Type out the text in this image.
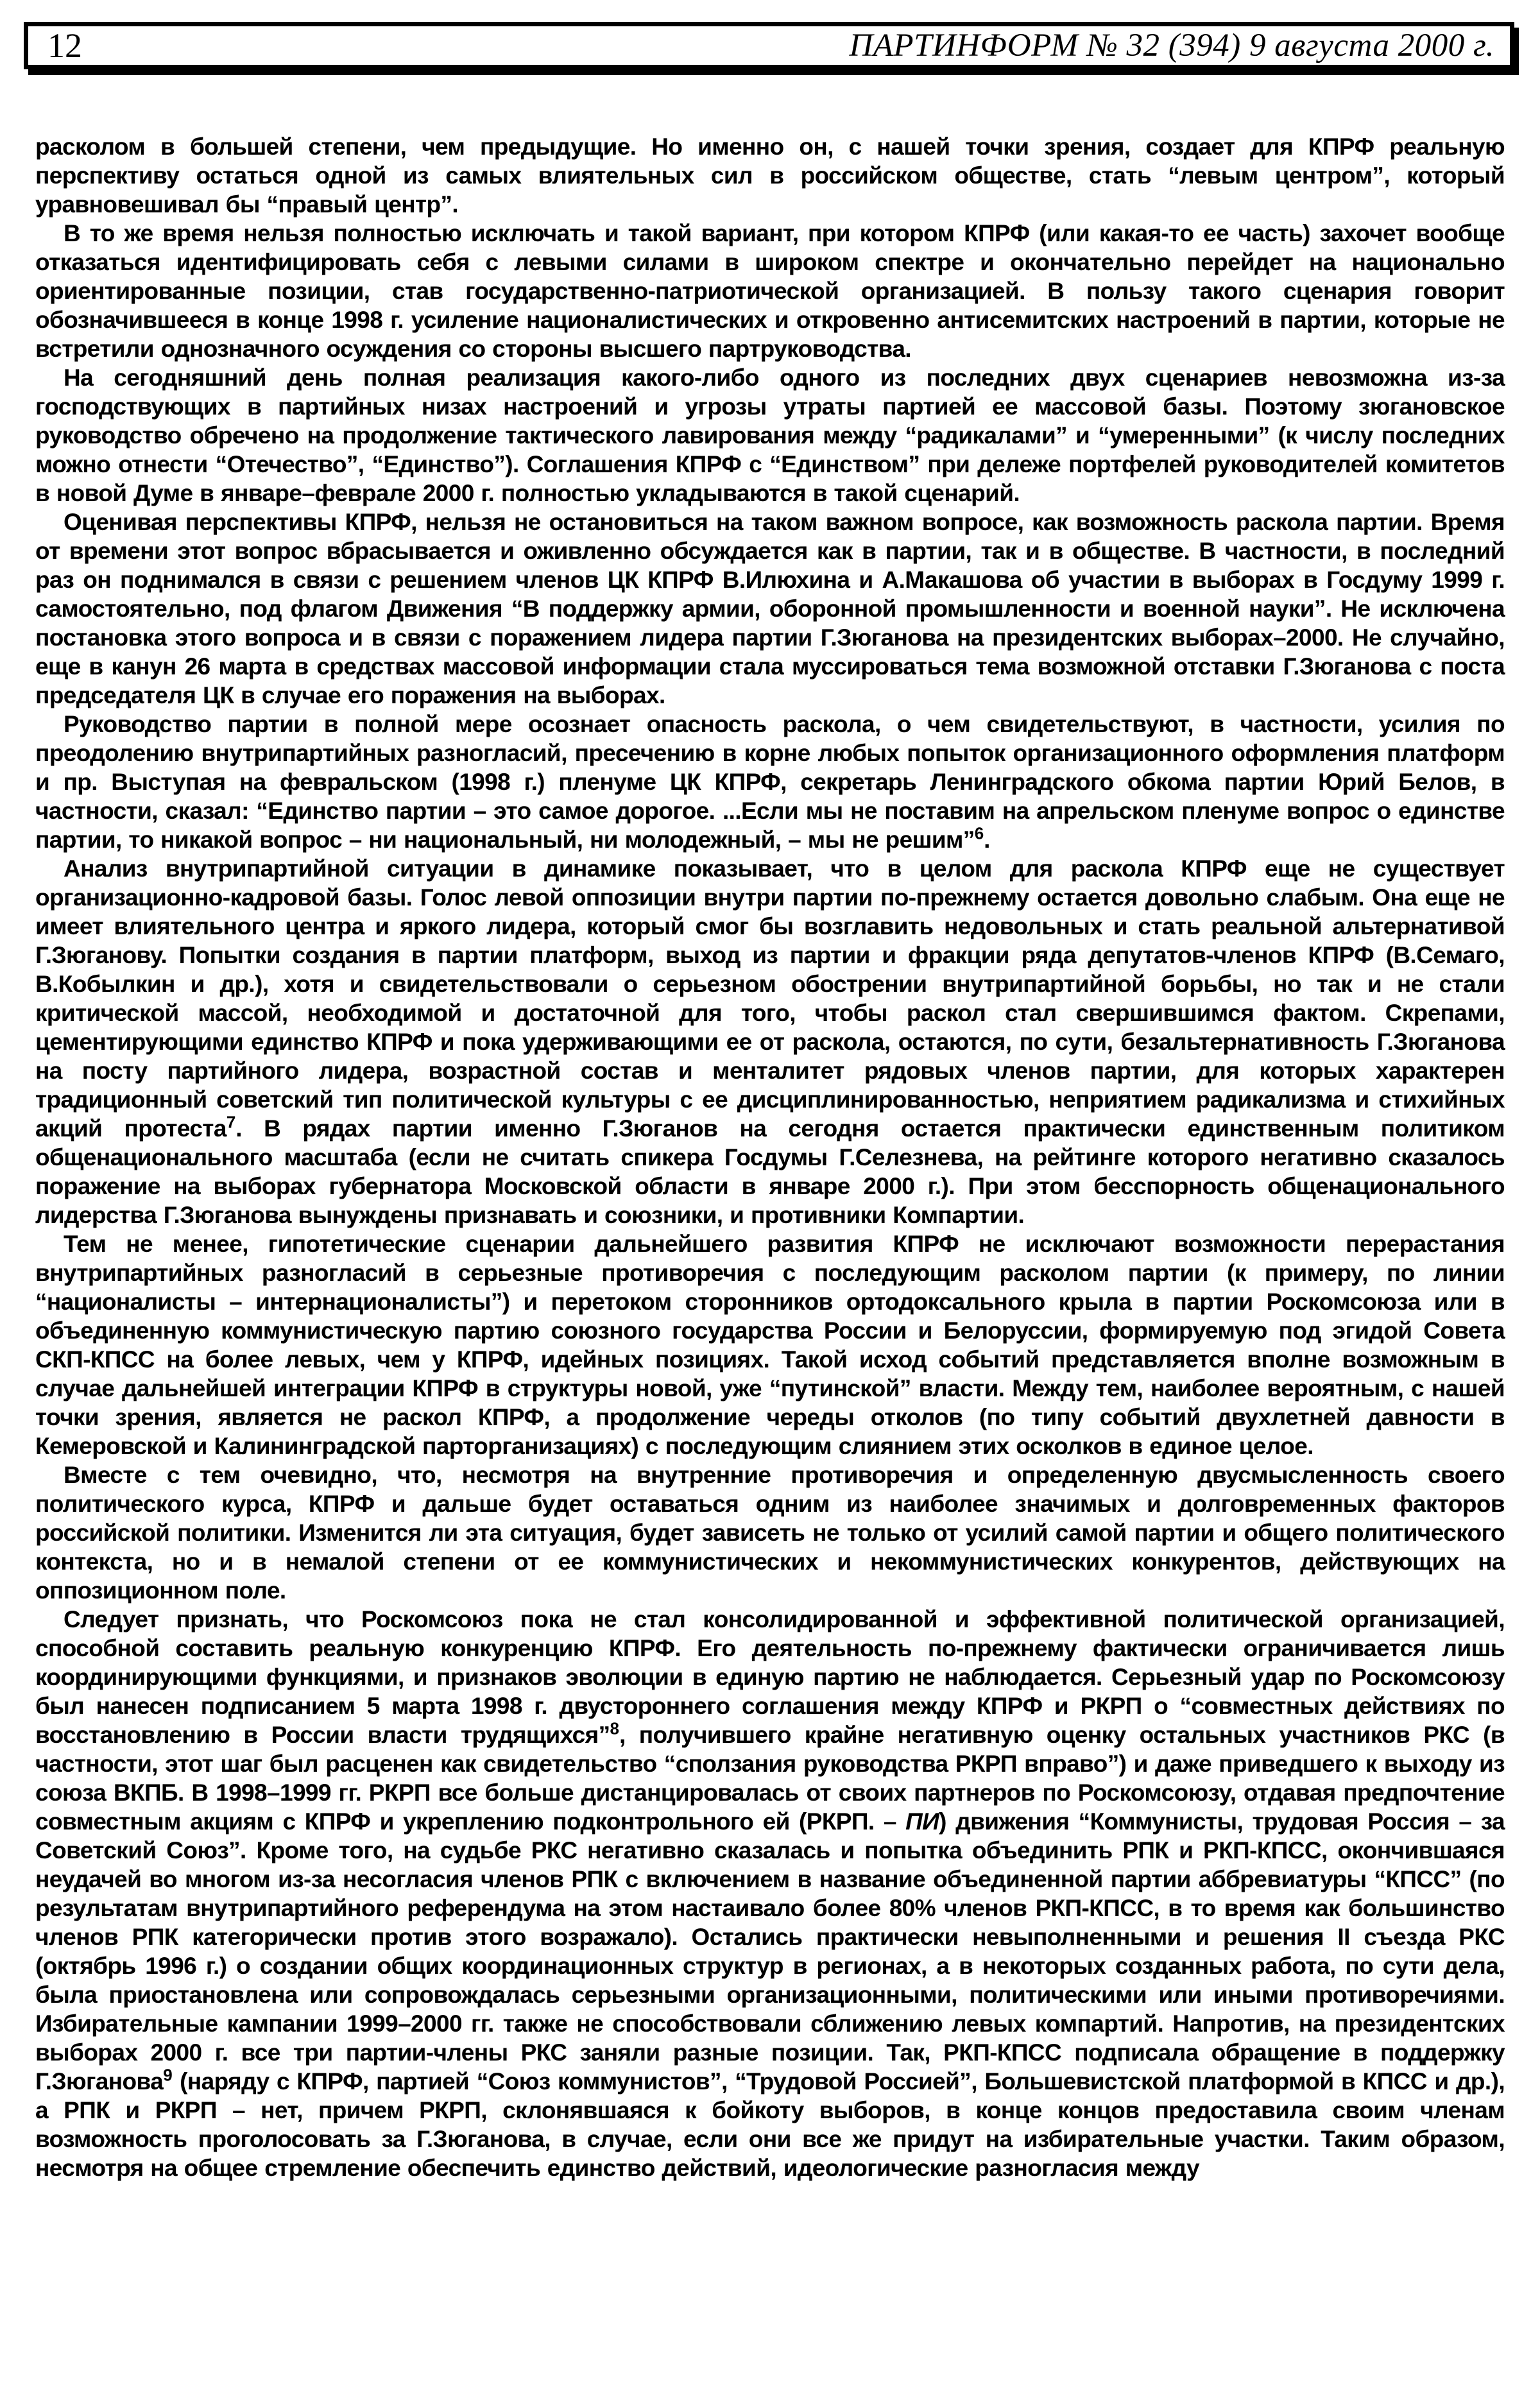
12	ПАРТИНФОРМ № 32 (394) 9 августа 2000 г.

расколом в большей степени, чем предыдущие. Но именно он, с нашей точки зрения, создает для КПРФ реальную перспективу остаться одной из самых влиятельных сил в российском обществе, стать “левым центром”, который уравновешивал бы “правый центр”.

В то же время нельзя полностью исключать и такой вариант, при котором КПРФ (или какая-то ее часть) захочет вообще отказаться идентифицировать себя с левыми силами в широком спектре и окончательно перейдет на национально ориентированные позиции, став государственно-патриотической организацией. В пользу такого сценария говорит обозначившееся в конце 1998 г. усиление националистических и откровенно антисемитских настроений в партии, которые не встретили однозначного осуждения со стороны высшего партруководства.

На сегодняшний день полная реализация какого-либо одного из последних двух сценариев невозможна из-за господствующих в партийных низах настроений и угрозы утраты партией ее массовой базы. Поэтому зюгановское руководство обречено на продолжение тактического лавирования между “радикалами” и “умеренными” (к числу последних можно отнести “Отечество”, “Единство”). Соглашения КПРФ с “Единством” при дележе портфелей руководителей комитетов в новой Думе в январе–феврале 2000 г. полностью укладываются в такой сценарий.

Оценивая перспективы КПРФ, нельзя не остановиться на таком важном вопросе, как возможность раскола партии. Время от времени этот вопрос вбрасывается и оживленно обсуждается как в партии, так и в обществе. В частности, в последний раз он поднимался в связи с решением членов ЦК КПРФ В.Илюхина и А.Макашова об участии в выборах в Госдуму 1999 г. самостоятельно, под флагом Движения “В поддержку армии, оборонной промышленности и военной науки”. Не исключена постановка этого вопроса и в связи с поражением лидера партии Г.Зюганова на президентских выборах–2000. Не случайно, еще в канун 26 марта в средствах массовой информации стала муссироваться тема возможной отставки Г.Зюганова с поста председателя ЦК в случае его поражения на выборах.

Руководство партии в полной мере осознает опасность раскола, о чем свидетельствуют, в частности, усилия по преодолению внутрипартийных разногласий, пресечению в корне любых попыток организационного оформления платформ и пр. Выступая на февральском (1998 г.) пленуме ЦК КПРФ, секретарь Ленинградского обкома партии Юрий Белов, в частности, сказал: “Единство партии – это самое дорогое. ...Если мы не поставим на апрельском пленуме вопрос о единстве партии, то никакой вопрос – ни национальный, ни молодежный, – мы не решим”$^6$.

Анализ внутрипартийной ситуации в динамике показывает, что в целом для раскола КПРФ еще не существует организационно-кадровой базы. Голос левой оппозиции внутри партии по-прежнему остается довольно слабым. Она еще не имеет влиятельного центра и яркого лидера, который смог бы возглавить недовольных и стать реальной альтернативой Г.Зюганову. Попытки создания в партии платформ, выход из партии и фракции ряда депутатов-членов КПРФ (В.Семаго, В.Кобылкин и др.), хотя и свидетельствовали о серьезном обострении внутрипартийной борьбы, но так и не стали критической массой, необходимой и достаточной для того, чтобы раскол стал свершившимся фактом. Скрепами, цементирующими единство КПРФ и пока удерживающими ее от раскола, остаются, по сути, безальтернативность Г.Зюганова на посту партийного лидера, возрастной состав и менталитет рядовых членов партии, для которых характерен традиционный советский тип политической культуры с ее дисциплинированностью, неприятием радикализма и стихийных акций протеста$^7$. В рядах партии именно Г.Зюганов на сегодня остается практически единственным политиком общенационального масштаба (если не считать спикера Госдумы Г.Селезнева, на рейтинге которого негативно сказалось поражение на выборах губернатора Московской области в январе 2000 г.). При этом бесспорность общенационального лидерства Г.Зюганова вынуждены признавать и союзники, и противники Компартии.

Тем не менее, гипотетические сценарии дальнейшего развития КПРФ не исключают возможности перерастания внутрипартийных разногласий в серьезные противоречия с последующим расколом партии (к примеру, по линии “националисты – интернационалисты”) и перетоком сторонников ортодоксального крыла в партии Роскомсоюза или в объединенную коммунистическую партию союзного государства России и Белоруссии, формируемую под эгидой Совета СКП-КПСС на более левых, чем у КПРФ, идейных позициях. Такой исход событий представляется вполне возможным в случае дальнейшей интеграции КПРФ в структуры новой, уже “путинской” власти. Между тем, наиболее вероятным, с нашей точки зрения, является не раскол КПРФ, а продолжение череды отколов (по типу событий двухлетней давности в Кемеровской и Калининградской парторганизациях) с последующим слиянием этих осколков в единое целое.

Вместе с тем очевидно, что, несмотря на внутренние противоречия и определенную двусмысленность своего политического курса, КПРФ и дальше будет оставаться одним из наиболее значимых и долговременных факторов российской политики. Изменится ли эта ситуация, будет зависеть не только от усилий самой партии и общего политического контекста, но и в немалой степени от ее коммунистических и некоммунистических конкурентов, действующих на оппозиционном поле.

Следует признать, что Роскомсоюз пока не стал консолидированной и эффективной политической организацией, способной составить реальную конкуренцию КПРФ. Его деятельность по-прежнему фактически ограничивается лишь координирующими функциями, и признаков эволюции в единую партию не наблюдается. Серьезный удар по Роскомсоюзу был нанесен подписанием 5 марта 1998 г. двустороннего соглашения между КПРФ и РКРП о “совместных действиях по восстановлению в России власти трудящихся”$^8$, получившего крайне негативную оценку остальных участников РКС (в частности, этот шаг был расценен как свидетельство “сползания руководства РКРП вправо”) и даже приведшего к выходу из союза ВКПБ. В 1998–1999 гг. РКРП все больше дистанцировалась от своих партнеров по Роскомсоюзу, отдавая предпочтение совместным акциям с КПРФ и укреплению подконтрольного ей (РКРП. – ПИ) движения “Коммунисты, трудовая Россия – за Советский Союз”. Кроме того, на судьбе РКС негативно сказалась и попытка объединить РПК и РКП-КПСС, окончившаяся неудачей во многом из-за несогласия членов РПК с включением в название объединенной партии аббревиатуры “КПСС” (по результатам внутрипартийного референдума на этом настаивало более 80% членов РКП-КПСС, в то время как большинство членов РПК категорически против этого возражало). Остались практически невыполненными и решения II съезда РКС (октябрь 1996 г.) о создании общих координационных структур в регионах, а в некоторых созданных работа, по сути дела, была приостановлена или сопровождалась серьезными организационными, политическими или иными противоречиями. Избирательные кампании 1999–2000 гг. также не способствовали сближению левых компартий. Напротив, на президентских выборах 2000 г. все три партии-члены РКС заняли разные позиции. Так, РКП-КПСС подписала обращение в поддержку Г.Зюганова$^9$ (наряду с КПРФ, партией “Союз коммунистов”, “Трудовой Россией”, Большевистской платформой в КПСС и др.), а РПК и РКРП – нет, причем РКРП, склонявшаяся к бойкоту выборов, в конце концов предоставила своим членам возможность проголосовать за Г.Зюганова, в случае, если они все же придут на избирательные участки. Таким образом, несмотря на общее стремление обеспечить единство действий, идеологические разногласия между
